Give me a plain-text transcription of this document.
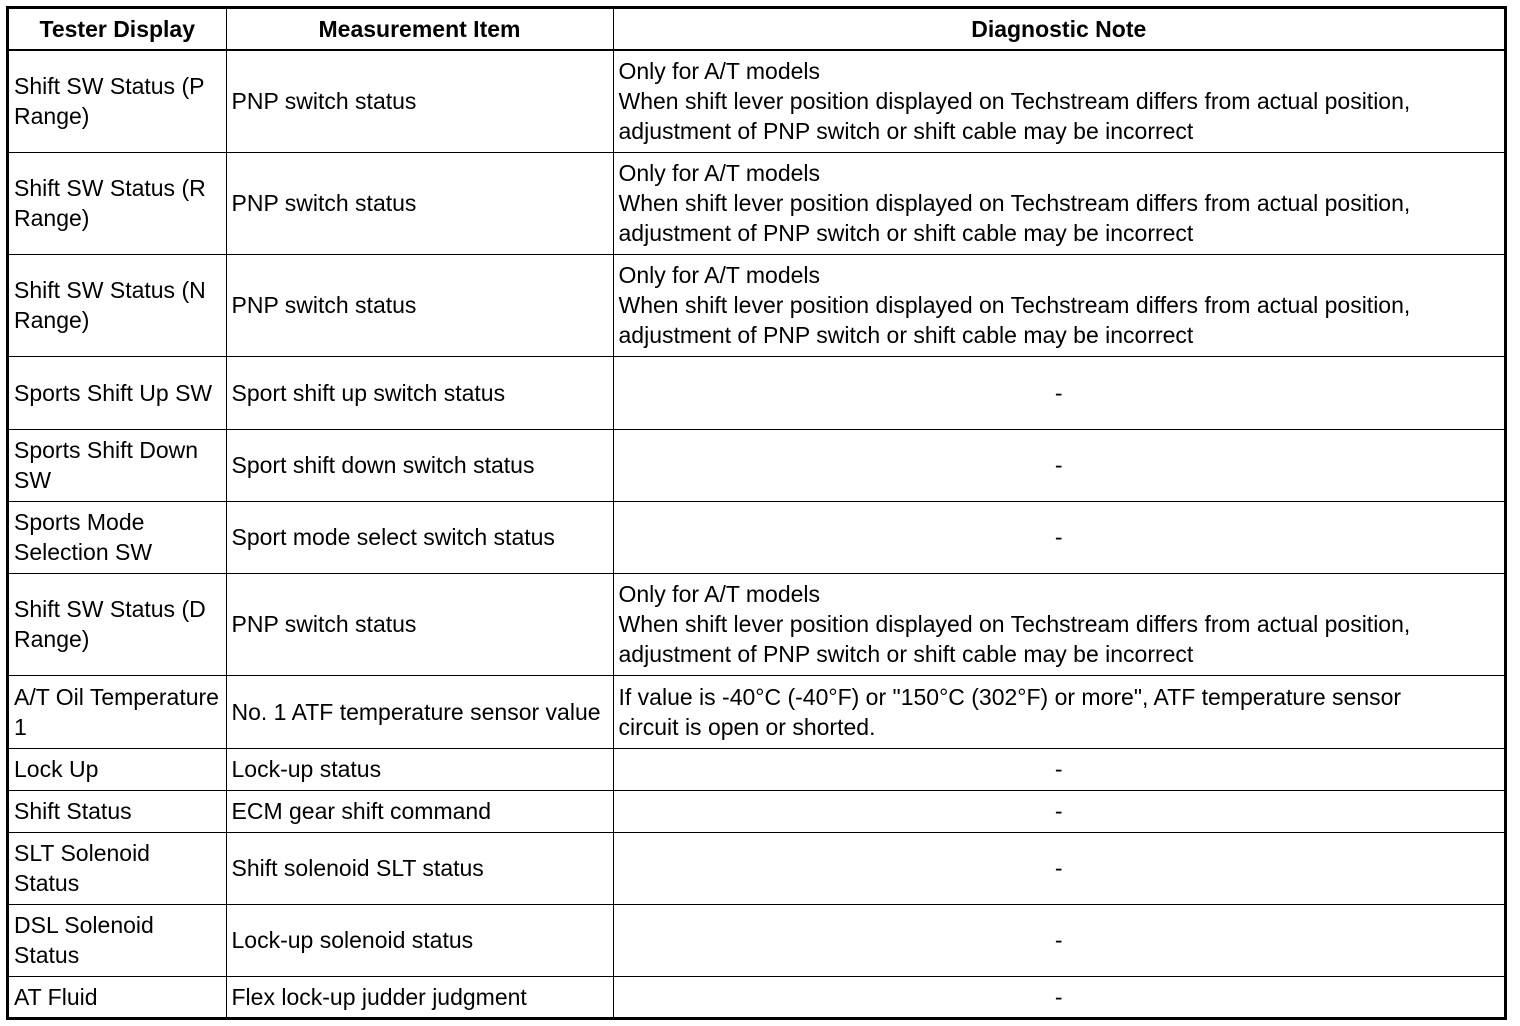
Tester Display	Measurement Item	Diagnostic Note
Shift SW Status (P Range)	PNP switch status	Only for A/T models
When shift lever position displayed on Techstream differs from actual position,
adjustment of PNP switch or shift cable may be incorrect

Shift SW Status (R Range)	PNP switch status	Only for A/T models
When shift lever position displayed on Techstream differs from actual position,
adjustment of PNP switch or shift cable may be incorrect

Shift SW Status (N Range)	PNP switch status	Only for A/T models
When shift lever position displayed on Techstream differs from actual position,
adjustment of PNP switch or shift cable may be incorrect

Sports Shift Up SW	Sport shift up switch status	-

Sports Shift Down SW	Sport shift down switch status	-

Sports Mode Selection SW	Sport mode select switch status	-

Shift SW Status (D Range)	PNP switch status	Only for A/T models
When shift lever position displayed on Techstream differs from actual position,
adjustment of PNP switch or shift cable may be incorrect

A/T Oil Temperature 1	No. 1 ATF temperature sensor value	If value is -40°C (-40°F) or "150°C (302°F) or more", ATF temperature sensor
circuit is open or shorted.

Lock Up	Lock-up status	-

Shift Status	ECM gear shift command	-

SLT Solenoid Status	Shift solenoid SLT status	-

DSL Solenoid Status	Lock-up solenoid status	-

AT Fluid	Flex lock-up judder judgment	-
